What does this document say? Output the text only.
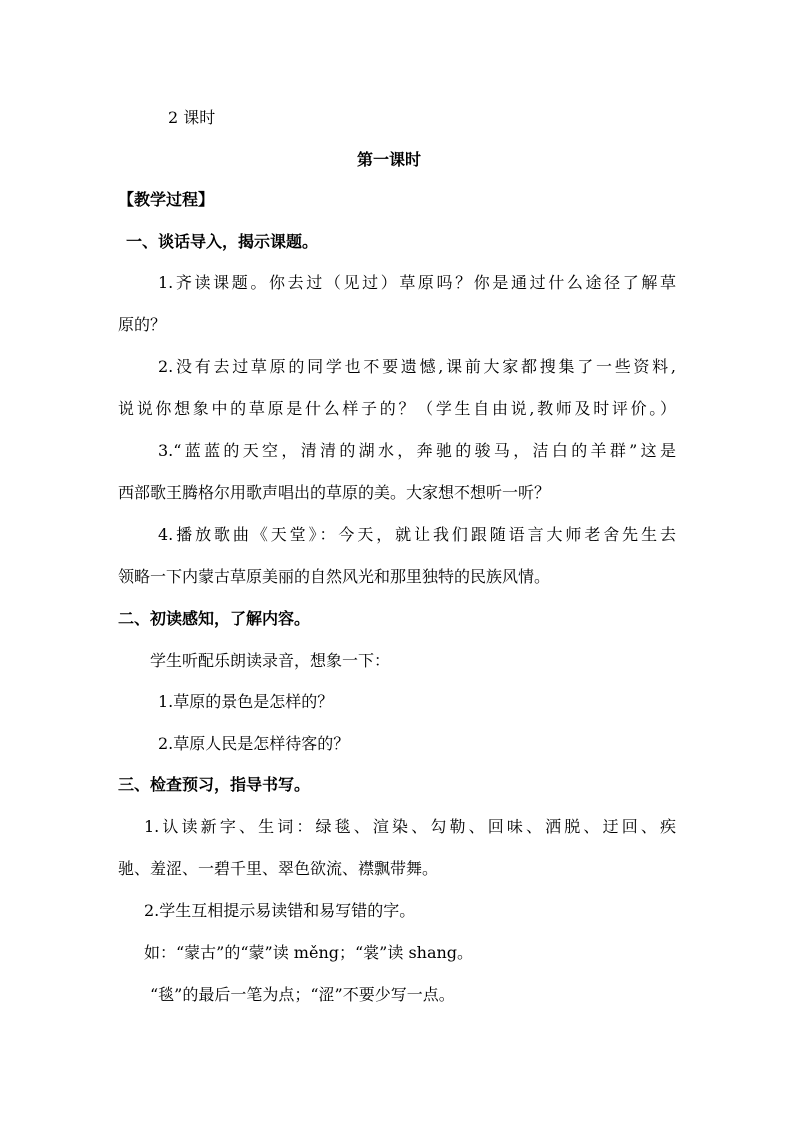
2 课时
第一课时
【教学过程】
一、谈话导入，揭示课题。
1.齐读课题。你去过（见过）草原吗？你是通过什么途径了解草
原的？
2.没有去过草原的同学也不要遗憾,课前大家都搜集了一些资料,
说说你想象中的草原是什么样子的？（学生自由说,教师及时评价。）
3.“蓝蓝的天空，清清的湖水，奔驰的骏马，洁白的羊群”这是
西部歌王腾格尔用歌声唱出的草原的美。大家想不想听一听？
4.播放歌曲《天堂》：今天，就让我们跟随语言大师老舍先生去
领略一下内蒙古草原美丽的自然风光和那里独特的民族风情。
二、初读感知，了解内容。
学生听配乐朗读录音，想象一下：
1.草原的景色是怎样的？
2.草原人民是怎样待客的？
三、检查预习，指导书写。
1.认读新字、生词：绿毯、渲染、勾勒、回味、洒脱、迂回、疾
驰、羞涩、一碧千里、翠色欲流、襟飘带舞。
2.学生互相提示易读错和易写错的字。
如：“蒙古”的“蒙”读 měng；“裳”读 shang。
“毯”的最后一笔为点；“涩”不要少写一点。
